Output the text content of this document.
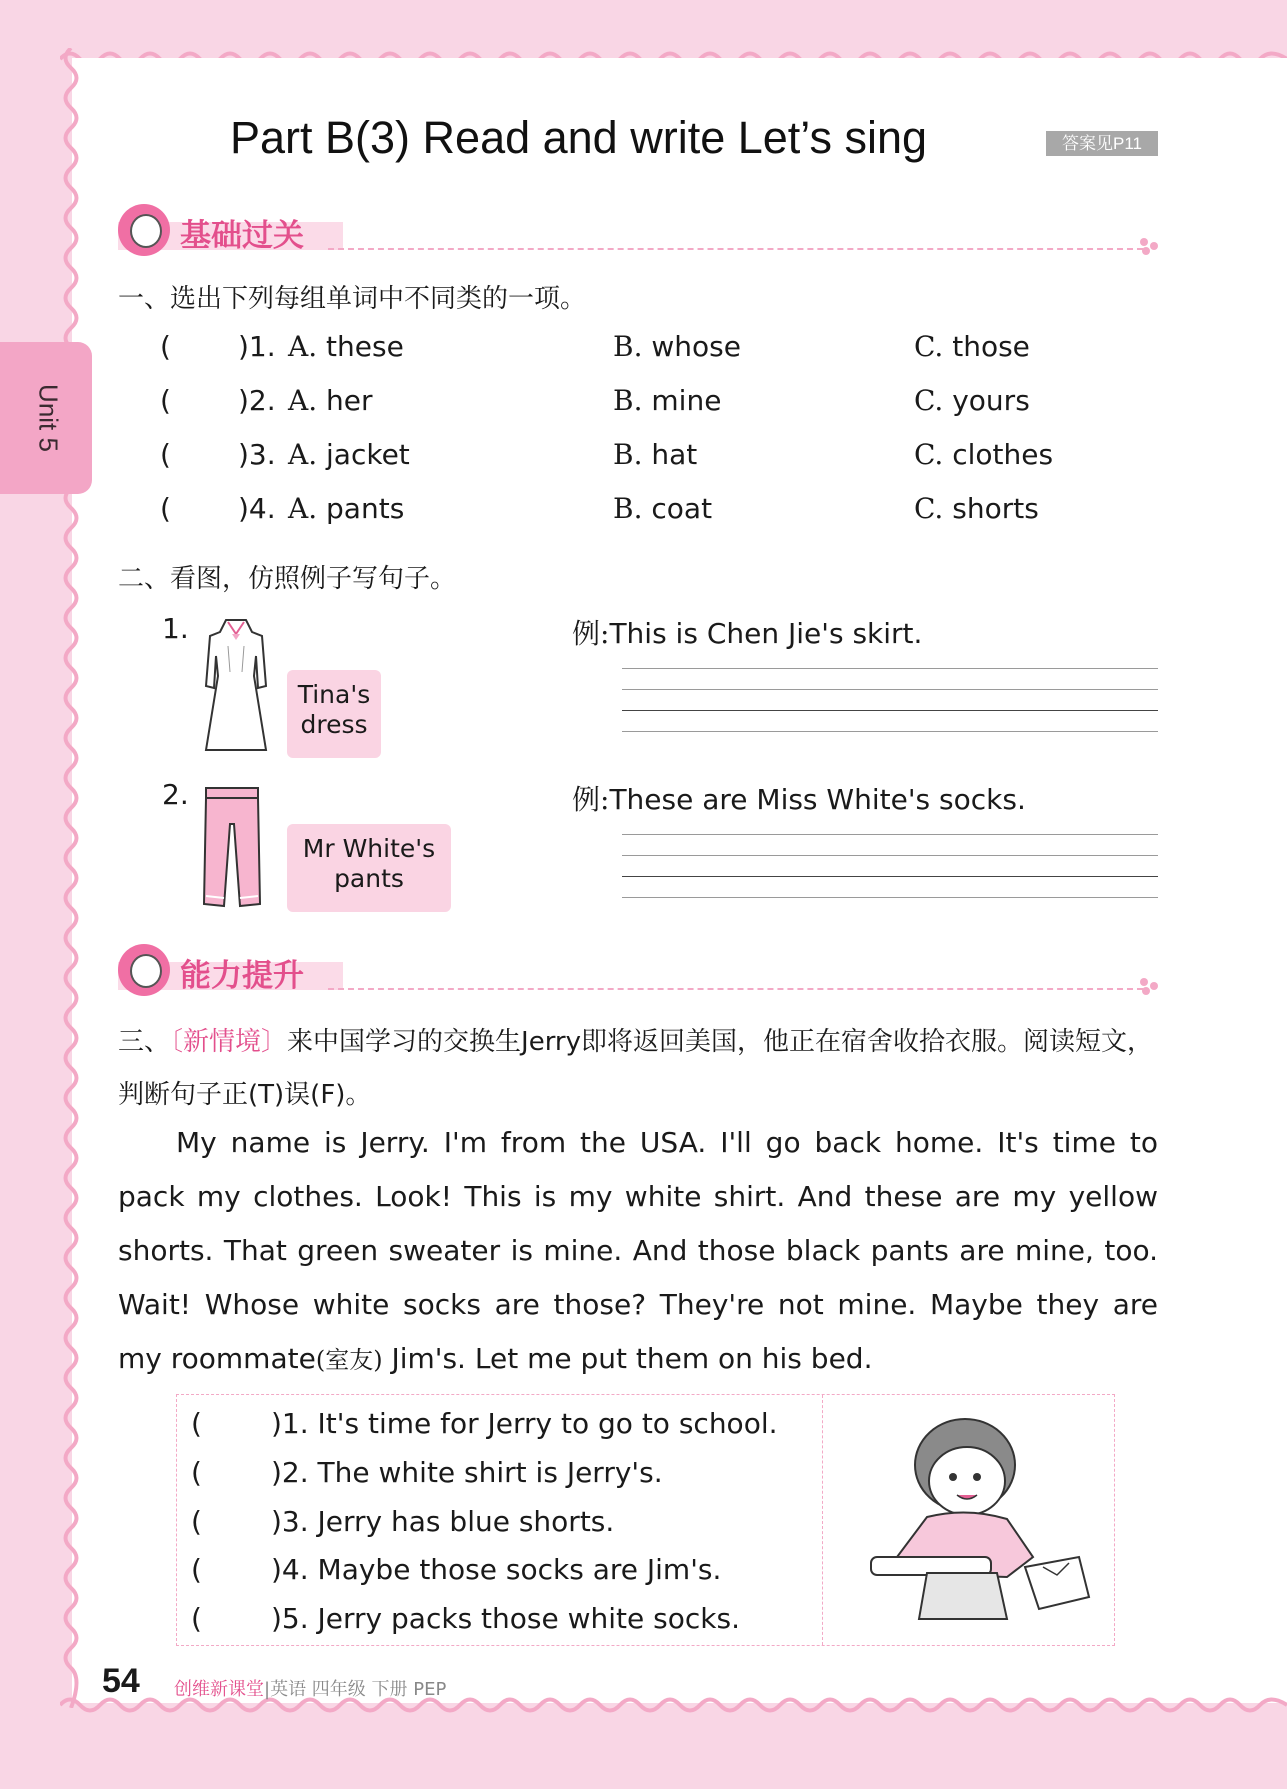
Unit 5
Part B(3) Read and write Let’s sing	答案见P11
基础过关
一、选出下列每组单词中不同类的一项。
( )1. A. these	B. whose	C. those
( )2. A. her	B. mine	C. yours
( )3. A. jacket	B. hat	C. clothes
( )4. A. pants	B. coat	C. shorts
二、看图，仿照例子写句子。
1.
Tina's
dress
例:This is Chen Jie's skirt.
2.
Mr White's
pants
例:These are Miss White's socks.
能力提升
三、〔新情境〕来中国学习的交换生Jerry即将返回美国，他正在宿舍收拾衣服。阅读短文，判断句子正(T)误(F)。
My name is Jerry. I'm from the USA. I'll go back home. It's time to pack my clothes. Look! This is my white shirt. And these are my yellow shorts. That green sweater is mine. And those black pants are mine, too. Wait! Whose white socks are those? They're not mine. Maybe they are my roommate(室友) Jim's. Let me put them on his bed.
( )1. It's time for Jerry to go to school.
( )2. The white shirt is Jerry's.
( )3. Jerry has blue shorts.
( )4. Maybe those socks are Jim's.
( )5. Jerry packs those white socks.
54 创维新课堂|英语 四年级 下册 PEP
